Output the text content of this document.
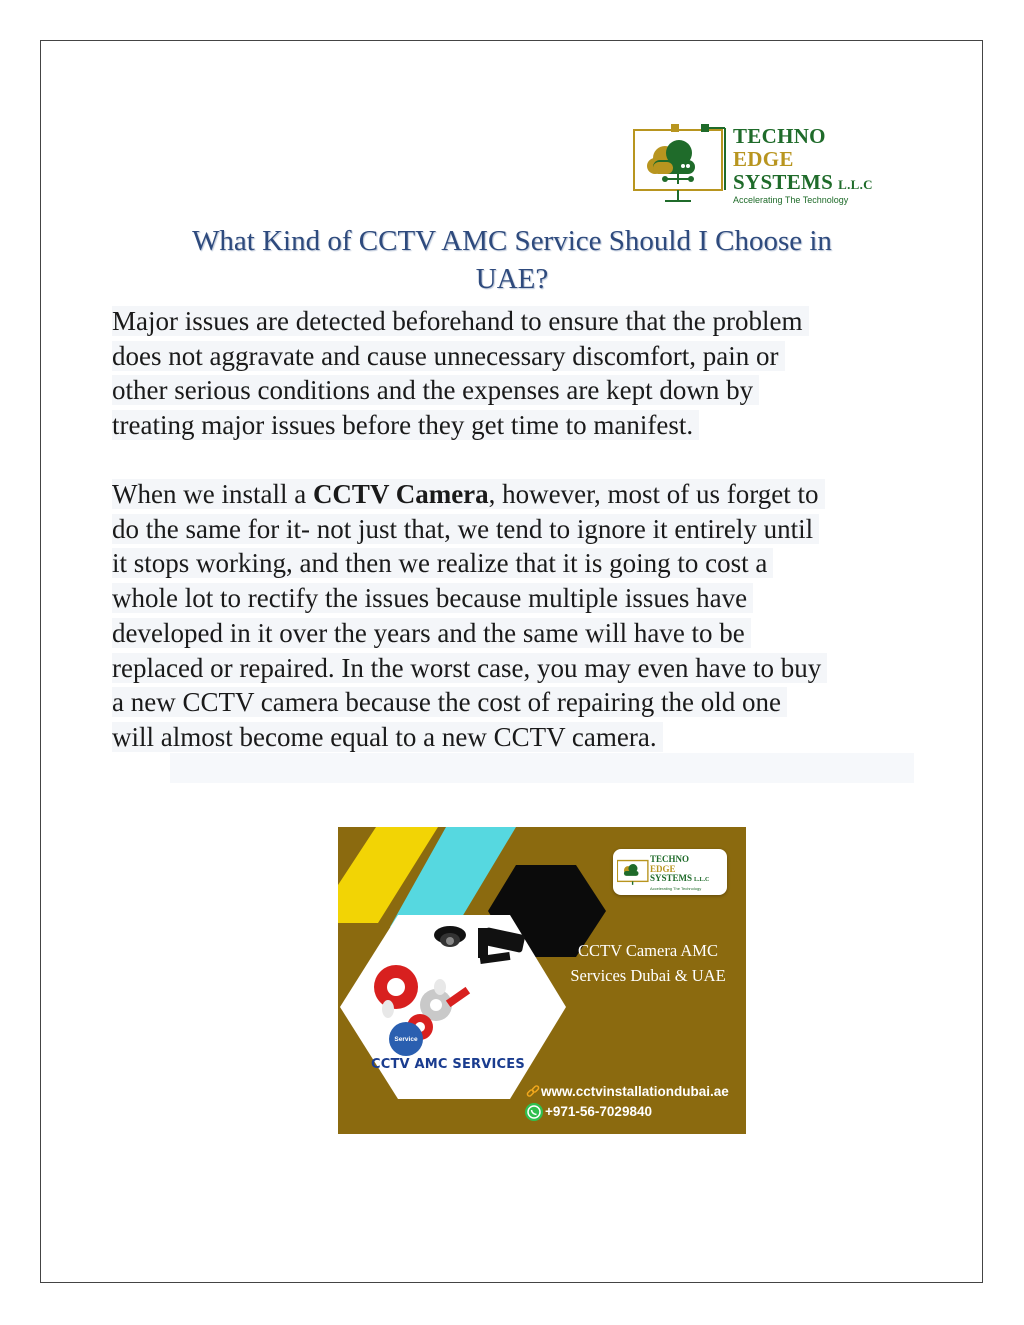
TECHNO
EDGE
SYSTEMS L.L.C
Accelerating The Technology
What Kind of CCTV AMC Service Should I Choose in
UAE?
Major issues are detected beforehand to ensure that the problem
does not aggravate and cause unnecessary discomfort, pain or
other serious conditions and the expenses are kept down by
treating major issues before they get time to manifest.
When we install a CCTV Camera, however, most of us forget to
do the same for it- not just that, we tend to ignore it entirely until
it stops working, and then we realize that it is going to cost a
whole lot to rectify the issues because multiple issues have
developed in it over the years and the same will have to be
replaced or repaired. In the worst case, you may even have to buy
a new CCTV camera because the cost of repairing the old one
will almost become equal to a new CCTV camera.
Service
TECHNO
EDGE
SYSTEMS L.L.C
Accelerating The Technology
CCTV Camera AMC
Services Dubai & UAE
CCTV AMC SERVICES
www.cctvinstallationdubai.ae
+971-56-7029840
